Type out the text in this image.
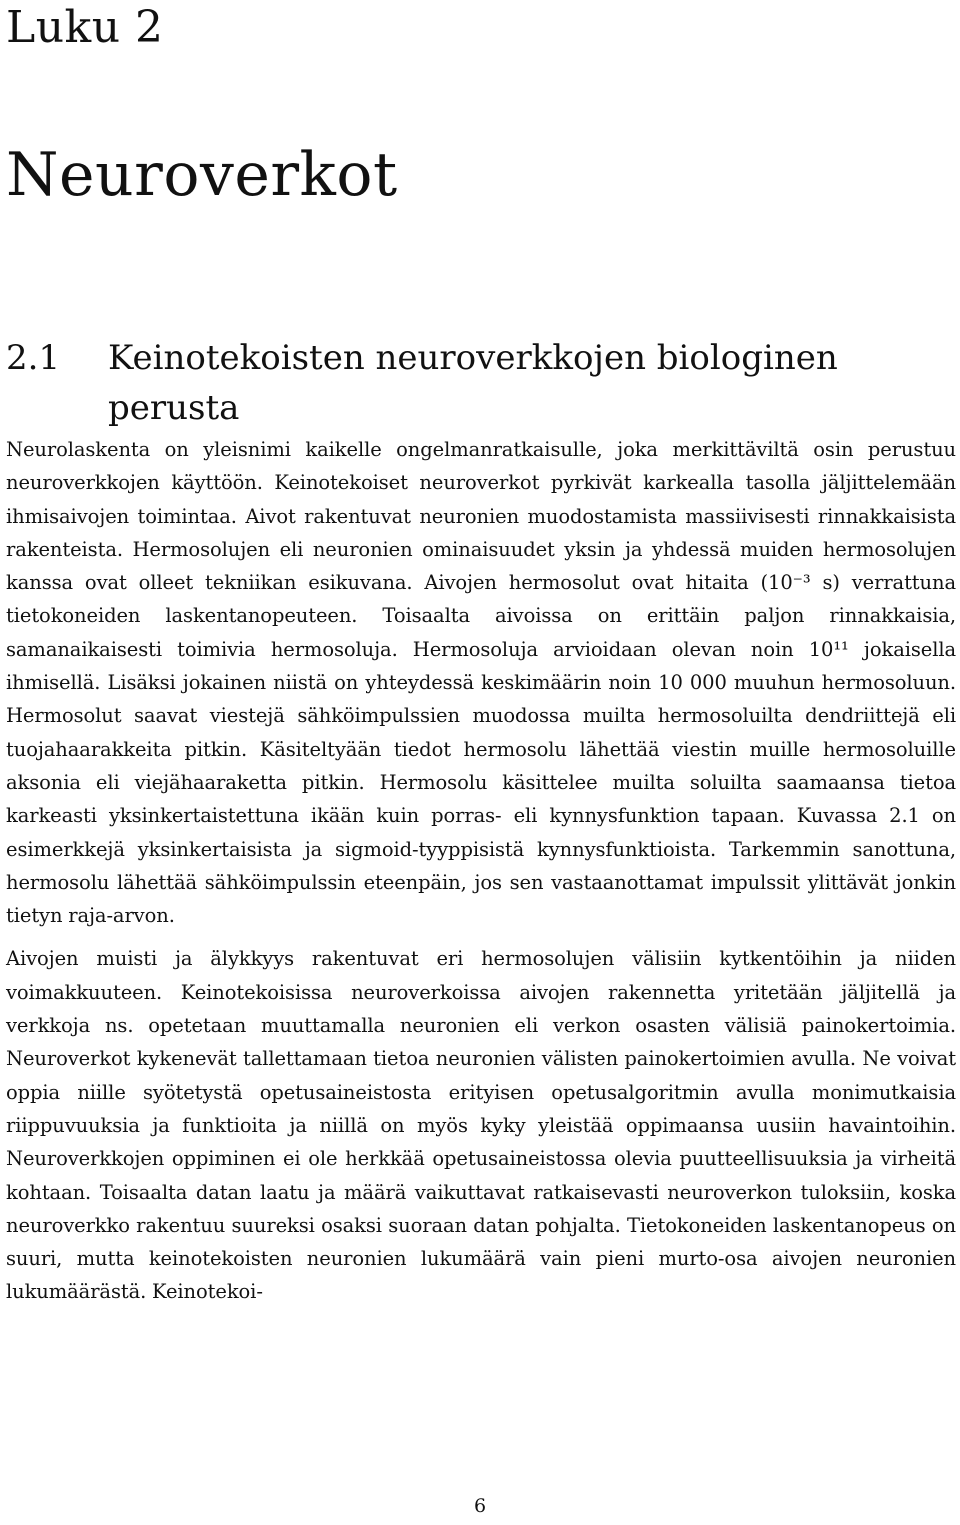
Luku 2
Neuroverkot
2.1	Keinotekoisten neuroverkkojen biologinen perusta

Neurolaskenta on yleisnimi kaikelle ongelmanratkaisulle, joka merkittäviltä osin perustuu neuroverkkojen käyttöön. Keinotekoiset neuroverkot pyrkivät karkealla tasolla jäljittelemään ihmisaivojen toimintaa. Aivot rakentuvat neuronien muodostamista massiivisesti rinnakkaisista rakenteista. Hermosolujen eli neuronien ominaisuudet yksin ja yhdessä muiden hermosolujen kanssa ovat olleet tekniikan esikuvana. Aivojen hermosolut ovat hitaita (10⁻³ s) verrattuna tietokoneiden laskentanopeuteen. Toisaalta aivoissa on erittäin paljon rinnakkaisia, samanaikaisesti toimivia hermosoluja. Hermosoluja arvioidaan olevan noin 10¹¹ jokaisella ihmisellä. Lisäksi jokainen niistä on yhteydessä keskimäärin noin 10 000 muuhun hermosoluun. Hermosolut saavat viestejä sähköimpulssien muodossa muilta hermosoluilta dendriittejä eli tuojahaarakkeita pitkin. Käsiteltyään tiedot hermosolu lähettää viestin muille hermosoluille aksonia eli viejähaaraketta pitkin. Hermosolu käsittelee muilta soluilta saamaansa tietoa karkeasti yksinkertaistettuna ikään kuin porras- eli kynnysfunktion tapaan. Kuvassa 2.1 on esimerkkejä yksinkertaisista ja sigmoid-tyyppisistä kynnysfunktioista. Tarkemmin sanottuna, hermosolu lähettää sähköimpulssin eteenpäin, jos sen vastaanottamat impulssit ylittävät jonkin tietyn raja-arvon.

Aivojen muisti ja älykkyys rakentuvat eri hermosolujen välisiin kytkentöihin ja niiden voimakkuuteen. Keinotekoisissa neuroverkoissa aivojen rakennetta yritetään jäljitellä ja verkkoja ns. opetetaan muuttamalla neuronien eli verkon osasten välisiä painokertoimia. Neuroverkot kykenevät tallettamaan tietoa neuronien välisten painokertoimien avulla. Ne voivat oppia niille syötetystä opetusaineistosta erityisen opetusalgoritmin avulla monimutkaisia riippuvuuksia ja funktioita ja niillä on myös kyky yleistää oppimaansa uusiin havaintoihin. Neuroverkkojen oppiminen ei ole herkkää opetusaineistossa olevia puutteellisuuksia ja virheitä kohtaan. Toisaalta datan laatu ja määrä vaikuttavat ratkaisevasti neuroverkon tuloksiin, koska neuroverkko rakentuu suureksi osaksi suoraan datan pohjalta. Tietokoneiden laskentanopeus on suuri, mutta keinotekoisten neuronien lukumäärä vain pieni murto-osa aivojen neuronien lukumäärästä. Keinotekoi-

6
